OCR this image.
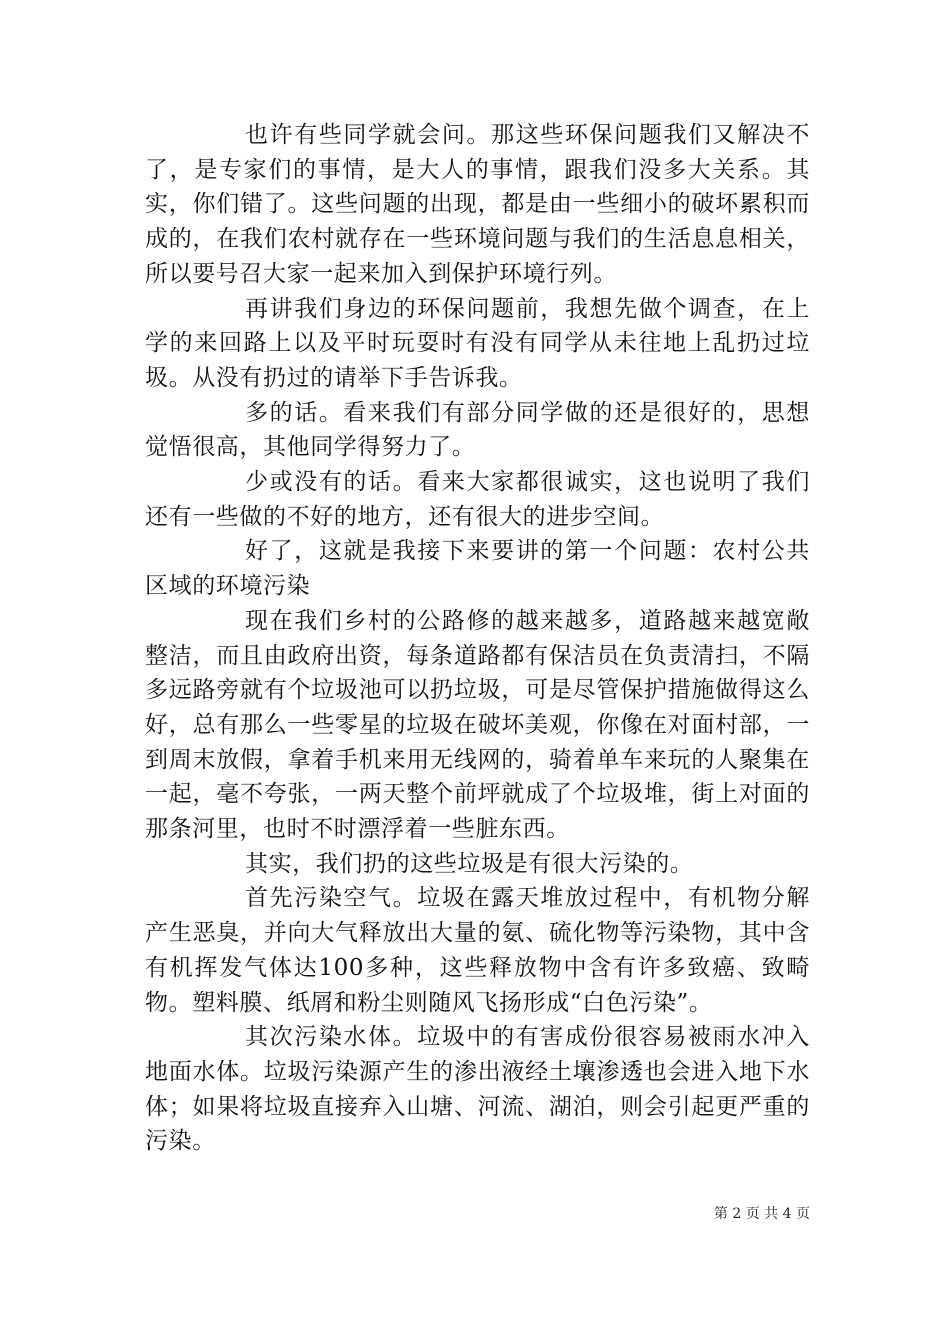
也许有些同学就会问。那这些环保问题我们又解决不了，是专家们的事情，是大人的事情，跟我们没多大关系。其实，你们错了。这些问题的出现，都是由一些细小的破坏累积而成的，在我们农村就存在一些环境问题与我们的生活息息相关，所以要号召大家一起来加入到保护环境行列。

再讲我们身边的环保问题前，我想先做个调查，在上学的来回路上以及平时玩耍时有没有同学从未往地上乱扔过垃圾。从没有扔过的请举下手告诉我。

多的话。看来我们有部分同学做的还是很好的，思想觉悟很高，其他同学得努力了。

少或没有的话。看来大家都很诚实，这也说明了我们还有一些做的不好的地方，还有很大的进步空间。

好了，这就是我接下来要讲的第一个问题：农村公共区域的环境污染

现在我们乡村的公路修的越来越多，道路越来越宽敞整洁，而且由政府出资，每条道路都有保洁员在负责清扫，不隔多远路旁就有个垃圾池可以扔垃圾，可是尽管保护措施做得这么好，总有那么一些零星的垃圾在破坏美观，你像在对面村部，一到周末放假，拿着手机来用无线网的，骑着单车来玩的人聚集在一起，毫不夸张，一两天整个前坪就成了个垃圾堆，街上对面的那条河里，也时不时漂浮着一些脏东西。

其实，我们扔的这些垃圾是有很大污染的。

首先污染空气。垃圾在露天堆放过程中，有机物分解产生恶臭，并向大气释放出大量的氨、硫化物等污染物，其中含有机挥发气体达100多种，这些释放物中含有许多致癌、致畸物。塑料膜、纸屑和粉尘则随风飞扬形成“白色污染”。

其次污染水体。垃圾中的有害成份很容易被雨水冲入地面水体。垃圾污染源产生的渗出液经土壤渗透也会进入地下水体；如果将垃圾直接弃入山塘、河流、湖泊，则会引起更严重的污染。

第 2 页 共 4 页
